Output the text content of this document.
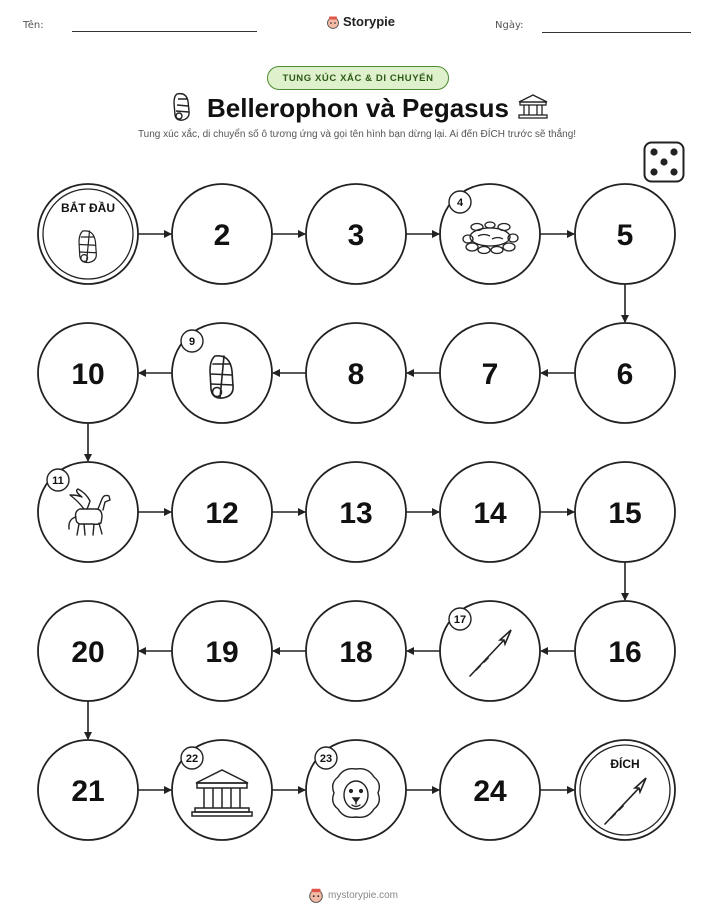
Tên:	Storypie	Ngày:
TUNG XÚC XẮC & DI CHUYỂN
Bellerophon và Pegasus
Tung xúc xắc, di chuyển số ô tương ứng và gọi tên hình bạn dừng lại. Ai đến ĐÍCH trước sẽ thắng!
BẮT ĐẦU
2	3
4
5
6
7
8
9
10
11
12	13	14	15
16
17
18
19
20
21
22	23
24
ĐÍCH
mystorypie.com
